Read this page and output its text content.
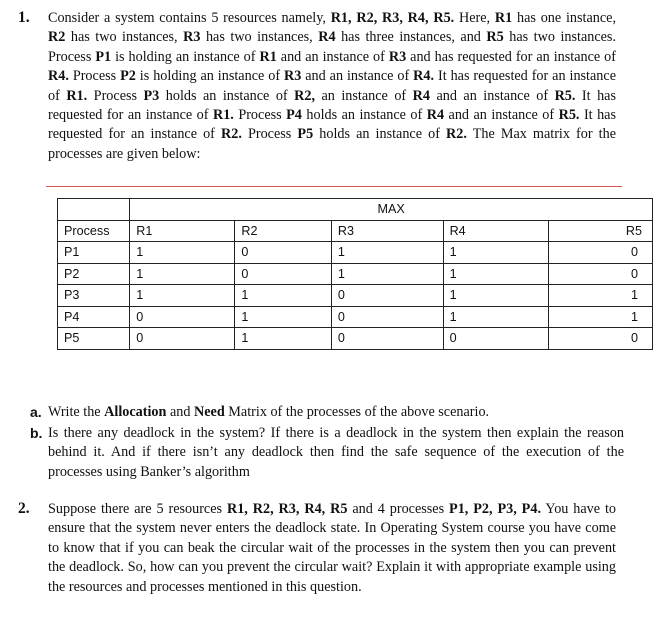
1. Consider a system contains 5 resources namely, R1, R2, R3, R4, R5. Here, R1 has one instance, R2 has two instances, R3 has two instances, R4 has three instances, and R5 has two instances. Process P1 is holding an instance of R1 and an instance of R3 and has requested for an instance of R4. Process P2 is holding an instance of R3 and an instance of R4. It has requested for an instance of R1. Process P3 holds an instance of R2, an instance of R4 and an instance of R5. It has requested for an instance of R1. Process P4 holds an instance of R4 and an instance of R5. It has requested for an instance of R2. Process P5 holds an instance of R2. The Max matrix for the processes are given below:
	MAX				
Process	R1	R2	R3	R4	R5
P1	1	0	1	1	0
P2	1	0	1	1	0
P3	1	1	0	1	1
P4	0	1	0	1	1
P5	0	1	0	0	0
a. Write the Allocation and Need Matrix of the processes of the above scenario.
b. Is there any deadlock in the system? If there is a deadlock in the system then explain the reason behind it. And if there isn’t any deadlock then find the safe sequence of the execution of the processes using Banker’s algorithm
2. Suppose there are 5 resources R1, R2, R3, R4, R5 and 4 processes P1, P2, P3, P4. You have to ensure that the system never enters the deadlock state. In Operating System course you have come to know that if you can beak the circular wait of the processes in the system then you can prevent the deadlock. So, how can you prevent the circular wait? Explain it with appropriate example using the resources and processes mentioned in this question.
